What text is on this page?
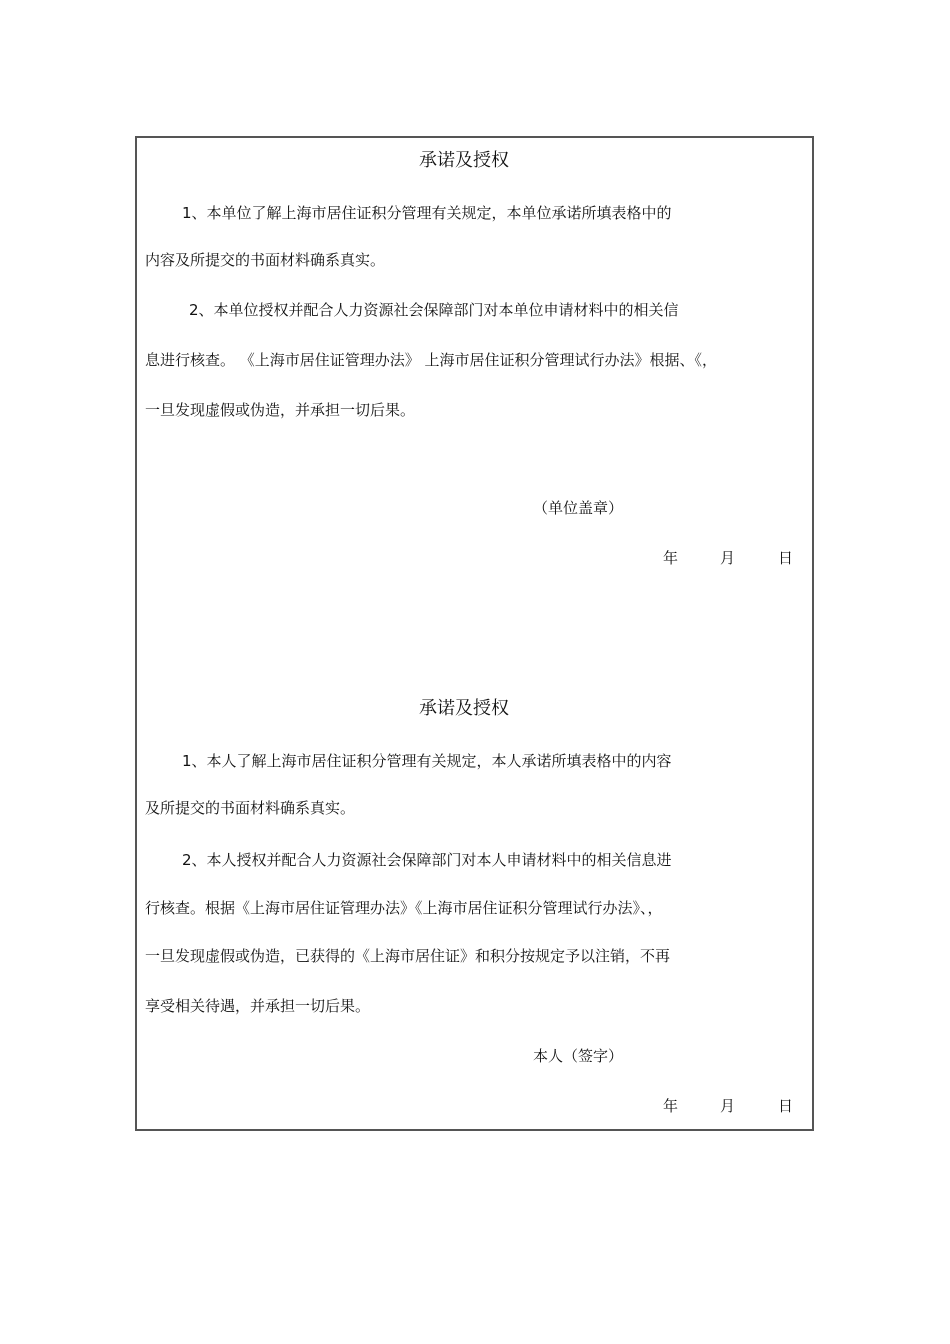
承诺及授权
1、本单位了解上海市居住证积分管理有关规定，本单位承诺所填表格中的
内容及所提交的书面材料确系真实。
2、本单位授权并配合人力资源社会保障部门对本单位申请材料中的相关信
息进行核查。 《上海市居住证管理办法》 上海市居住证积分管理试行办法》根据、《，
一旦发现虚假或伪造，并承担一切后果。
（单位盖章）
年	月	日
承诺及授权
1、本人了解上海市居住证积分管理有关规定，本人承诺所填表格中的内容
及所提交的书面材料确系真实。
2、本人授权并配合人力资源社会保障部门对本人申请材料中的相关信息进
行核查。根据《上海市居住证管理办法》《上海市居住证积分管理试行办法》、，
一旦发现虚假或伪造，已获得的《上海市居住证》和积分按规定予以注销，不再
享受相关待遇，并承担一切后果。
本人（签字）
年	月	日
